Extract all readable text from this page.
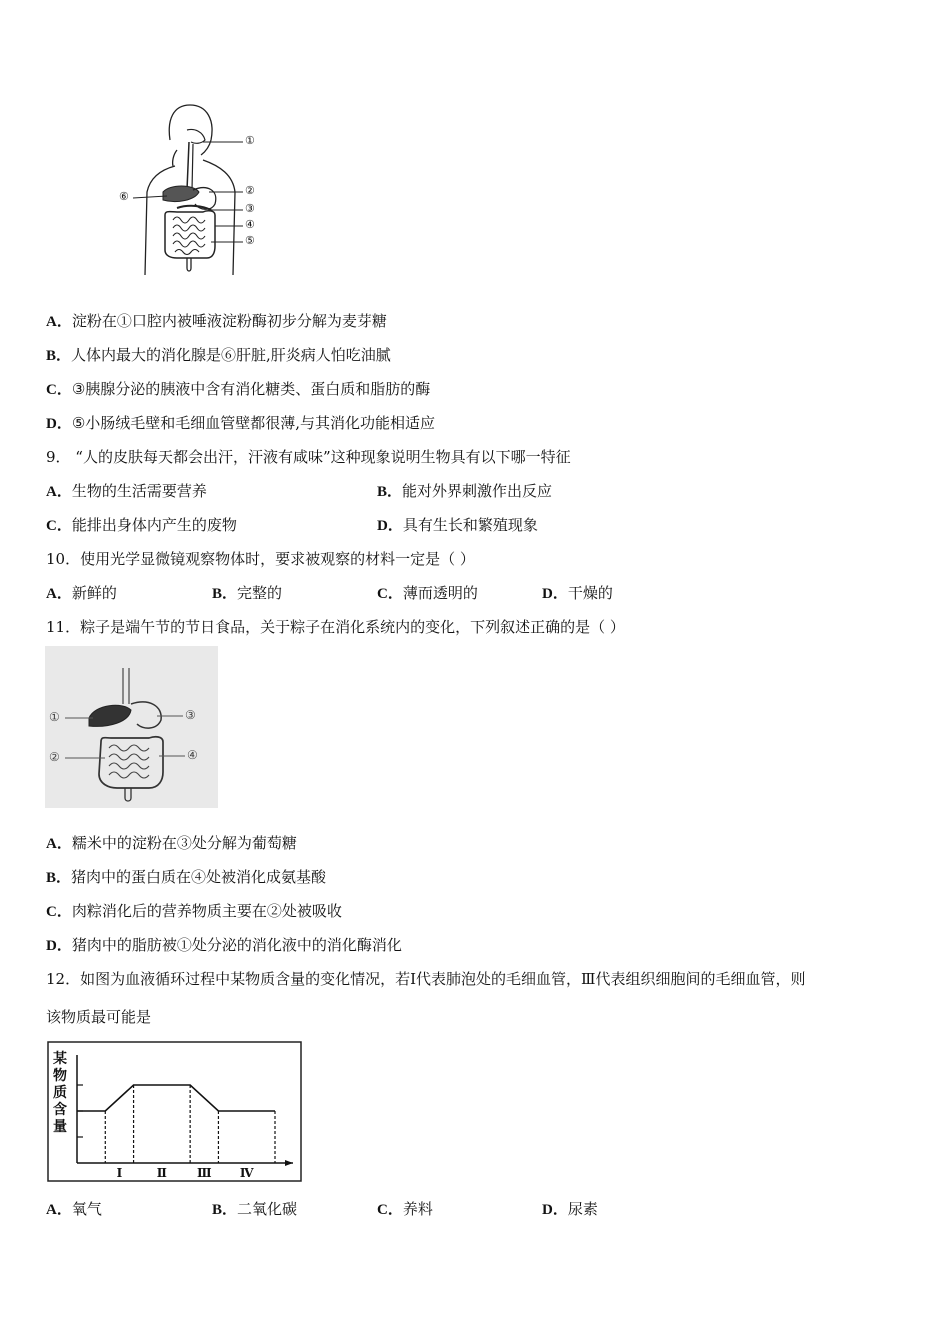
①
②
③
④
⑤
⑥
A．淀粉在①口腔内被唾液淀粉酶初步分解为麦芽糖
B．人体内最大的消化腺是⑥肝脏,肝炎病人怕吃油腻
C．③胰腺分泌的胰液中含有消化糖类、蛋白质和脂肪的酶
D．⑤小肠绒毛壁和毛细血管壁都很薄,与其消化功能相适应
9． “人的皮肤每天都会出汗，汗液有咸味”这种现象说明生物具有以下哪一特征
A．生物的生活需要营养	B．能对外界刺激作出反应
C．能排出身体内产生的废物	D．具有生长和繁殖现象
10．使用光学显微镜观察物体时，要求被观察的材料一定是（ ）
A．新鲜的	B．完整的	C．薄而透明的	D．干燥的
11．粽子是端午节的节日食品，关于粽子在消化系统内的变化，下列叙述正确的是（ ）
①
②
③
④
A．糯米中的淀粉在③处分解为葡萄糖
B．猪肉中的蛋白质在④处被消化成氨基酸
C．肉粽消化后的营养物质主要在②处被吸收
D．猪肉中的脂肪被①处分泌的消化液中的消化酶消化
12．如图为血液循环过程中某物质含量的变化情况，若Ⅰ代表肺泡处的毛细血管，Ⅲ代表组织细胞间的毛细血管，则
该物质最可能是
某
物
质
含
量
Ⅰ	Ⅱ	Ⅲ Ⅳ
A．氧气	B．二氧化碳	C．养料	D．尿素
